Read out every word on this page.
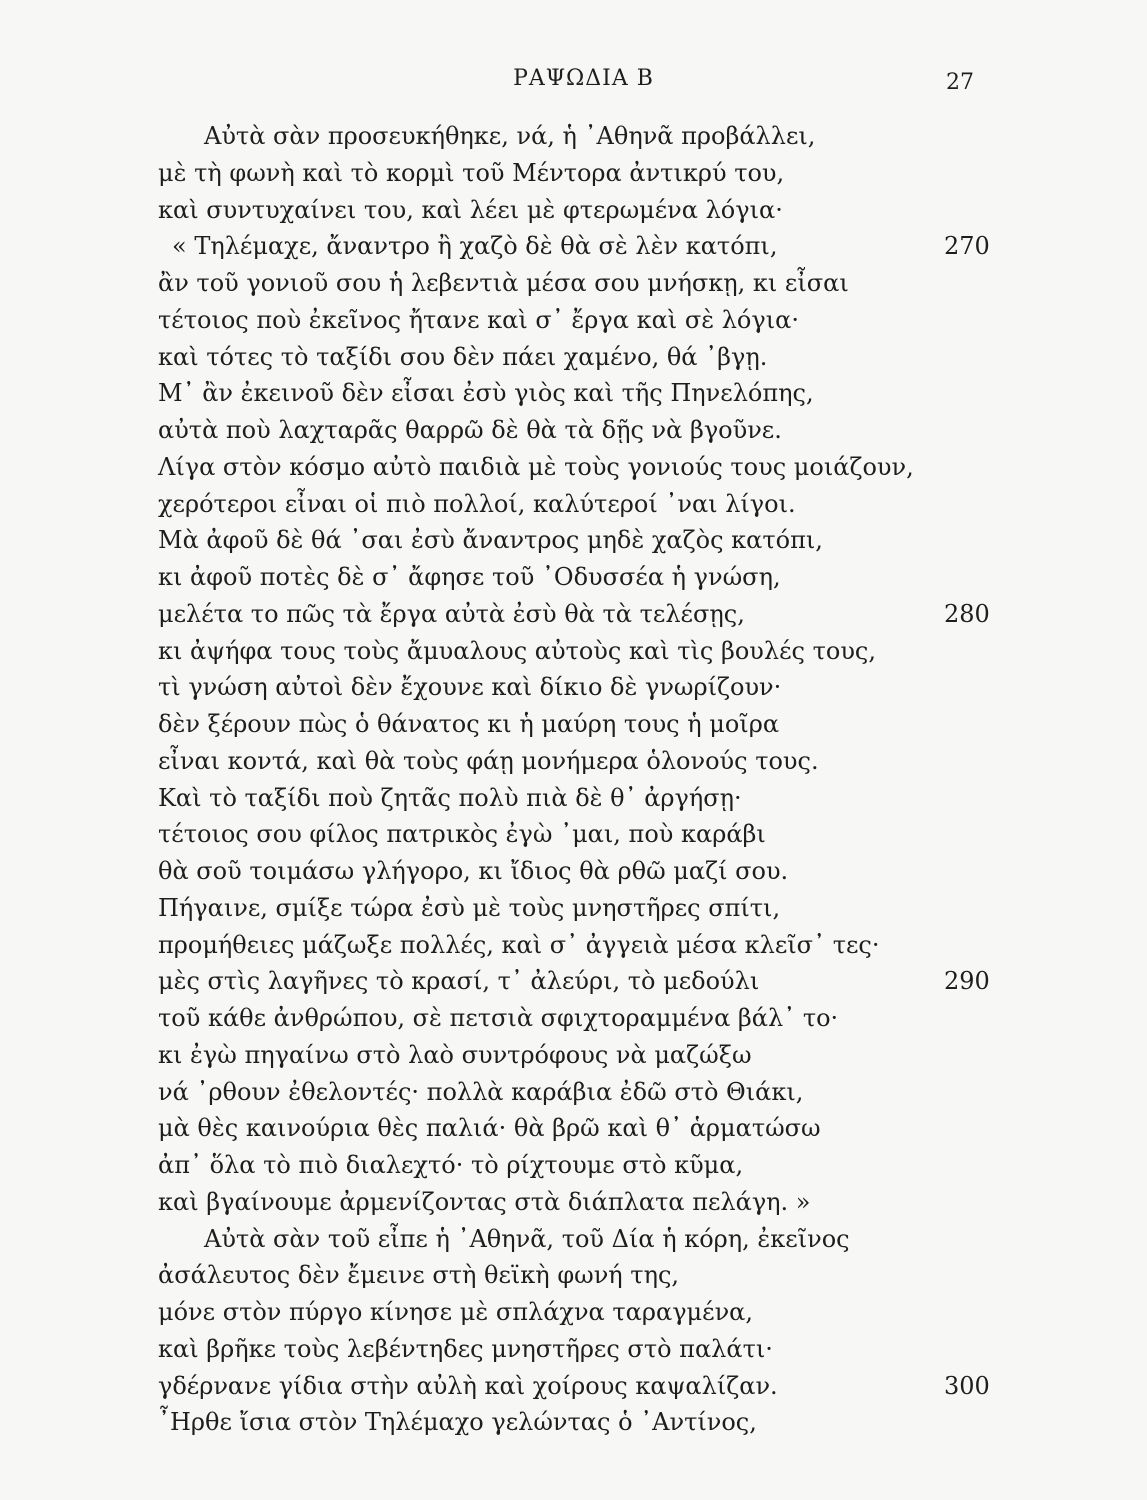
ΡΑΨΩΔΙΑ Β	27
Αὐτὰ σὰν προσευκήθηκε, νά, ἡ ᾿Αθηνᾶ προβάλλει,
μὲ τὴ φωνὴ καὶ τὸ κορμὶ τοῦ Μέντορα ἀντικρύ του,
καὶ συντυχαίνει του, καὶ λέει μὲ φτερωμένα λόγια·
« Τηλέμαχε, ἄναντρο ἢ χαζὸ δὲ θὰ σὲ λὲν κατόπι,	270
ἂν τοῦ γονιοῦ σου ἡ λεβεντιὰ μέσα σου μνήσκῃ, κι εἶσαι
τέτοιος ποὺ ἐκεῖνος ἤτανε καὶ σ᾿ ἔργα καὶ σὲ λόγια·
καὶ τότες τὸ ταξίδι σου δὲν πάει χαμένο, θά ᾿βγῃ.
Μ᾿ ἂν ἐκεινοῦ δὲν εἶσαι ἐσὺ γιὸς καὶ τῆς Πηνελόπης,
αὐτὰ ποὺ λαχταρᾶς θαρρῶ δὲ θὰ τὰ δῇς νὰ βγοῦνε.
Λίγα στὸν κόσμο αὐτὸ παιδιὰ μὲ τοὺς γονιούς τους μοιάζουν,
χερότεροι εἶναι οἱ πιὸ πολλοί, καλύτεροί ᾿ναι λίγοι.
Μὰ ἀφοῦ δὲ θά ᾿σαι ἐσὺ ἄναντρος μηδὲ χαζὸς κατόπι,
κι ἀφοῦ ποτὲς δὲ σ᾿ ἄφησε τοῦ ᾿Οδυσσέα ἡ γνώση,
μελέτα το πῶς τὰ ἔργα αὐτὰ ἐσὺ θὰ τὰ τελέσῃς,	280
κι ἀψήφα τους τοὺς ἄμυαλους αὐτοὺς καὶ τὶς βουλές τους,
τὶ γνώση αὐτοὶ δὲν ἔχουνε καὶ δίκιο δὲ γνωρίζουν·
δὲν ξέρουν πὼς ὁ θάνατος κι ἡ μαύρη τους ἡ μοῖρα
εἶναι κοντά, καὶ θὰ τοὺς φάῃ μονήμερα ὁλονούς τους.
Καὶ τὸ ταξίδι ποὺ ζητᾶς πολὺ πιὰ δὲ θ᾿ ἀργήσῃ·
τέτοιος σου φίλος πατρικὸς ἐγὼ ᾿μαι, ποὺ καράβι
θὰ σοῦ τοιμάσω γλήγορο, κι ἴδιος θὰ ρθῶ μαζί σου.
Πήγαινε, σμίξε τώρα ἐσὺ μὲ τοὺς μνηστῆρες σπίτι,
προμήθειες μάζωξε πολλές, καὶ σ᾿ ἀγγειὰ μέσα κλεῖσ᾿ τες·
μὲς στὶς λαγῆνες τὸ κρασί, τ᾿ ἀλεύρι, τὸ μεδούλι	290
τοῦ κάθε ἀνθρώπου, σὲ πετσιὰ σφιχτοραμμένα βάλ᾿ το·
κι ἐγὼ πηγαίνω στὸ λαὸ συντρόφους νὰ μαζώξω
νά ᾿ρθουν ἐθελοντές· πολλὰ καράβια ἐδῶ στὸ Θιάκι,
μὰ θὲς καινούρια θὲς παλιά· θὰ βρῶ καὶ θ᾿ ἁρματώσω
ἀπ᾿ ὅλα τὸ πιὸ διαλεχτό· τὸ ρίχτουμε στὸ κῦμα,
καὶ βγαίνουμε ἀρμενίζοντας στὰ διάπλατα πελάγη. »
Αὐτὰ σὰν τοῦ εἶπε ἡ ᾿Αθηνᾶ, τοῦ Δία ἡ κόρη, ἐκεῖνος
ἀσάλευτος δὲν ἔμεινε στὴ θεϊκὴ φωνή της,
μόνε στὸν πύργο κίνησε μὲ σπλάχνα ταραγμένα,
καὶ βρῆκε τοὺς λεβέντηδες μνηστῆρες στὸ παλάτι·
γδέρνανε γίδια στὴν αὐλὴ καὶ χοίρους καψαλίζαν.	300
῏Ηρθε ἴσια στὸν Τηλέμαχο γελώντας ὁ ᾿Αντίνος,
